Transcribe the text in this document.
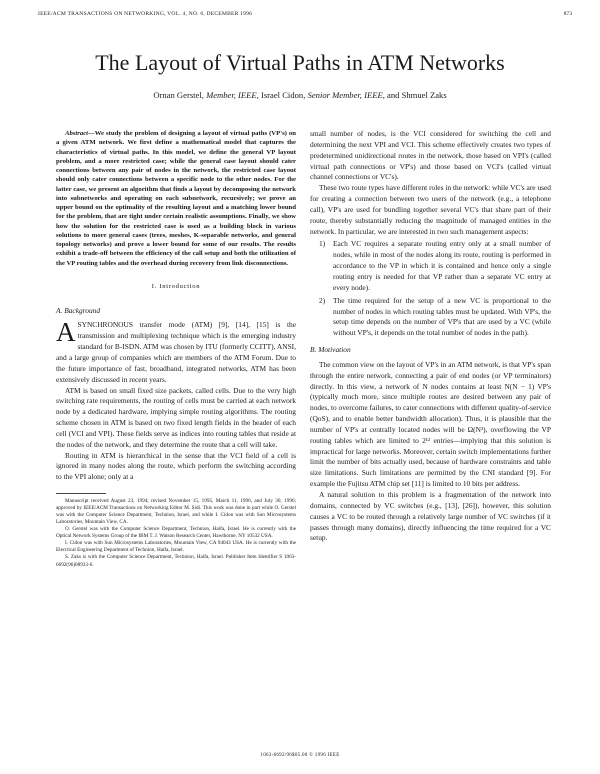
IEEE/ACM TRANSACTIONS ON NETWORKING, VOL. 4, NO. 6, DECEMBER 1996	873
The Layout of Virtual Paths in ATM Networks
Ornan Gerstel, Member, IEEE, Israel Cidon, Senior Member, IEEE, and Shmuel Zaks

Abstract—We study the problem of designing a layout of virtual paths (VP's) on a given ATM network. We first define a mathematical model that captures the characteristics of virtual paths. In this model, we define the general VP layout problem, and a more restricted case; while the general case layout should cater connections between any pair of nodes in the network, the restricted case layout should only cater connections between a specific node to the other nodes. For the latter case, we present an algorithm that finds a layout by decomposing the network into subnetworks and operating on each subnetwork, recursively; we prove an upper bound on the optimality of the resulting layout and a matching lower bound for the problem, that are tight under certain realistic assumptions. Finally, we show how the solution for the restricted case is used as a building block in various solutions to more general cases (trees, meshes, K-separable networks, and general topology networks) and prove a lower bound for some of our results. The results exhibit a trade-off between the efficiency of the call setup and both the utilization of the VP routing tables and the overhead during recovery from link disconnections.

I. Introduction

A. Background

ASYNCHRONOUS transfer mode (ATM) [9], [14], [15] is the transmission and multiplexing technique which is the emerging industry standard for B-ISDN. ATM was chosen by ITU (formerly CCITT), ANSI, and a large group of companies which are members of the ATM Forum. Due to the future importance of fast, broadband, integrated networks, ATM has been extensively discussed in recent years.

ATM is based on small fixed size packets, called cells. Due to the very high switching rate requirements, the routing of cells must be carried at each network node by a dedicated hardware, implying simple routing algorithms. The routing scheme chosen in ATM is based on two fixed length fields in the header of each cell (VCI and VPI). These fields serve as indices into routing tables that reside at the nodes of the network, and they determine the route that a cell will take.

Routing in ATM is hierarchical in the sense that the VCI field of a cell is ignored in many nodes along the route, which perform the switching according to the VPI alone; only at a

Manuscript received August 23, 1994; revised November 15, 1995, March 11, 1996, and July 30, 1996; approved by IEEE/ACM Transactions on Networking Editor M. Sidi. This work was done in part while O. Gerstel was with the Computer Science Department, Technion, Israel, and while I. Cidon was with Sun Microsystems Laboratories, Mountain View, CA.

O. Gerstel was with the Computer Science Department, Technion, Haifa, Israel. He is currently with the Optical Network Systems Group of the IBM T. J. Watson Research Center, Hawthorne, NY 10532 USA.

I. Cidon was with Sun Microsystems Laboratories, Mountain View, CA 94043 USA. He is currently with the Electrical Engineering Department of Technion, Haifa, Israel.

S. Zaks is with the Computer Science Department, Technion, Haifa, Israel. Publisher Item Identifier S 1063-6692(96)08933-6.

small number of nodes, is the VCI considered for switching the cell and determining the next VPI and VCI. This scheme effectively creates two types of predetermined unidirectional routes in the network, those based on VPI's (called virtual path connections or VP's) and those based on VCI's (called virtual channel connections or VC's).

These two route types have different roles in the network: while VC's are used for creating a connection between two users of the network (e.g., a telephone call), VP's are used for bundling together several VC's that share part of their route, thereby substantially reducing the magnitude of managed entities in the network. In particular, we are interested in two such management aspects:

1) Each VC requires a separate routing entry only at a small number of nodes, while in most of the nodes along its route, routing is performed in accordance to the VP in which it is contained and hence only a single routing entry is needed for that VP rather than a separate VC entry at every node).
2) The time required for the setup of a new VC is proportional to the number of nodes in which routing tables must be updated. With VP's, the setup time depends on the number of VP's that are used by a VC (while without VP's, it depends on the total number of nodes in the path).

B. Motivation

The common view on the layout of VP's in an ATM network, is that VP's span through the entire network, connecting a pair of end nodes (or VP terminators) directly. In this view, a network of N nodes contains at least N(N − 1) VP's (typically much more, since multiple routes are desired between any pair of nodes, to overcome failures, to cater connections with different quality-of-service (QoS), and to enable better bandwidth allocation). Thus, it is plausible that the number of VP's at centrally located nodes will be Ω(N²), overflowing the VP routing tables which are limited to 2¹² entries—implying that this solution is impractical for large networks. Moreover, certain switch implementations further limit the number of bits actually used, because of hardware constraints and table size limitations. Such limitations are permitted by the CNI standard [9]. For example the Fujitsu ATM chip set [11] is limited to 10 bits per address.

A natural solution to this problem is a fragmentation of the network into domains, connected by VC switches (e.g., [13], [26]), however, this solution causes a VC to be routed through a relatively large number of VC switches (if it passes through many domains), directly influencing the time required for a VC setup.

1063-6692/96$05.00 © 1996 IEEE
